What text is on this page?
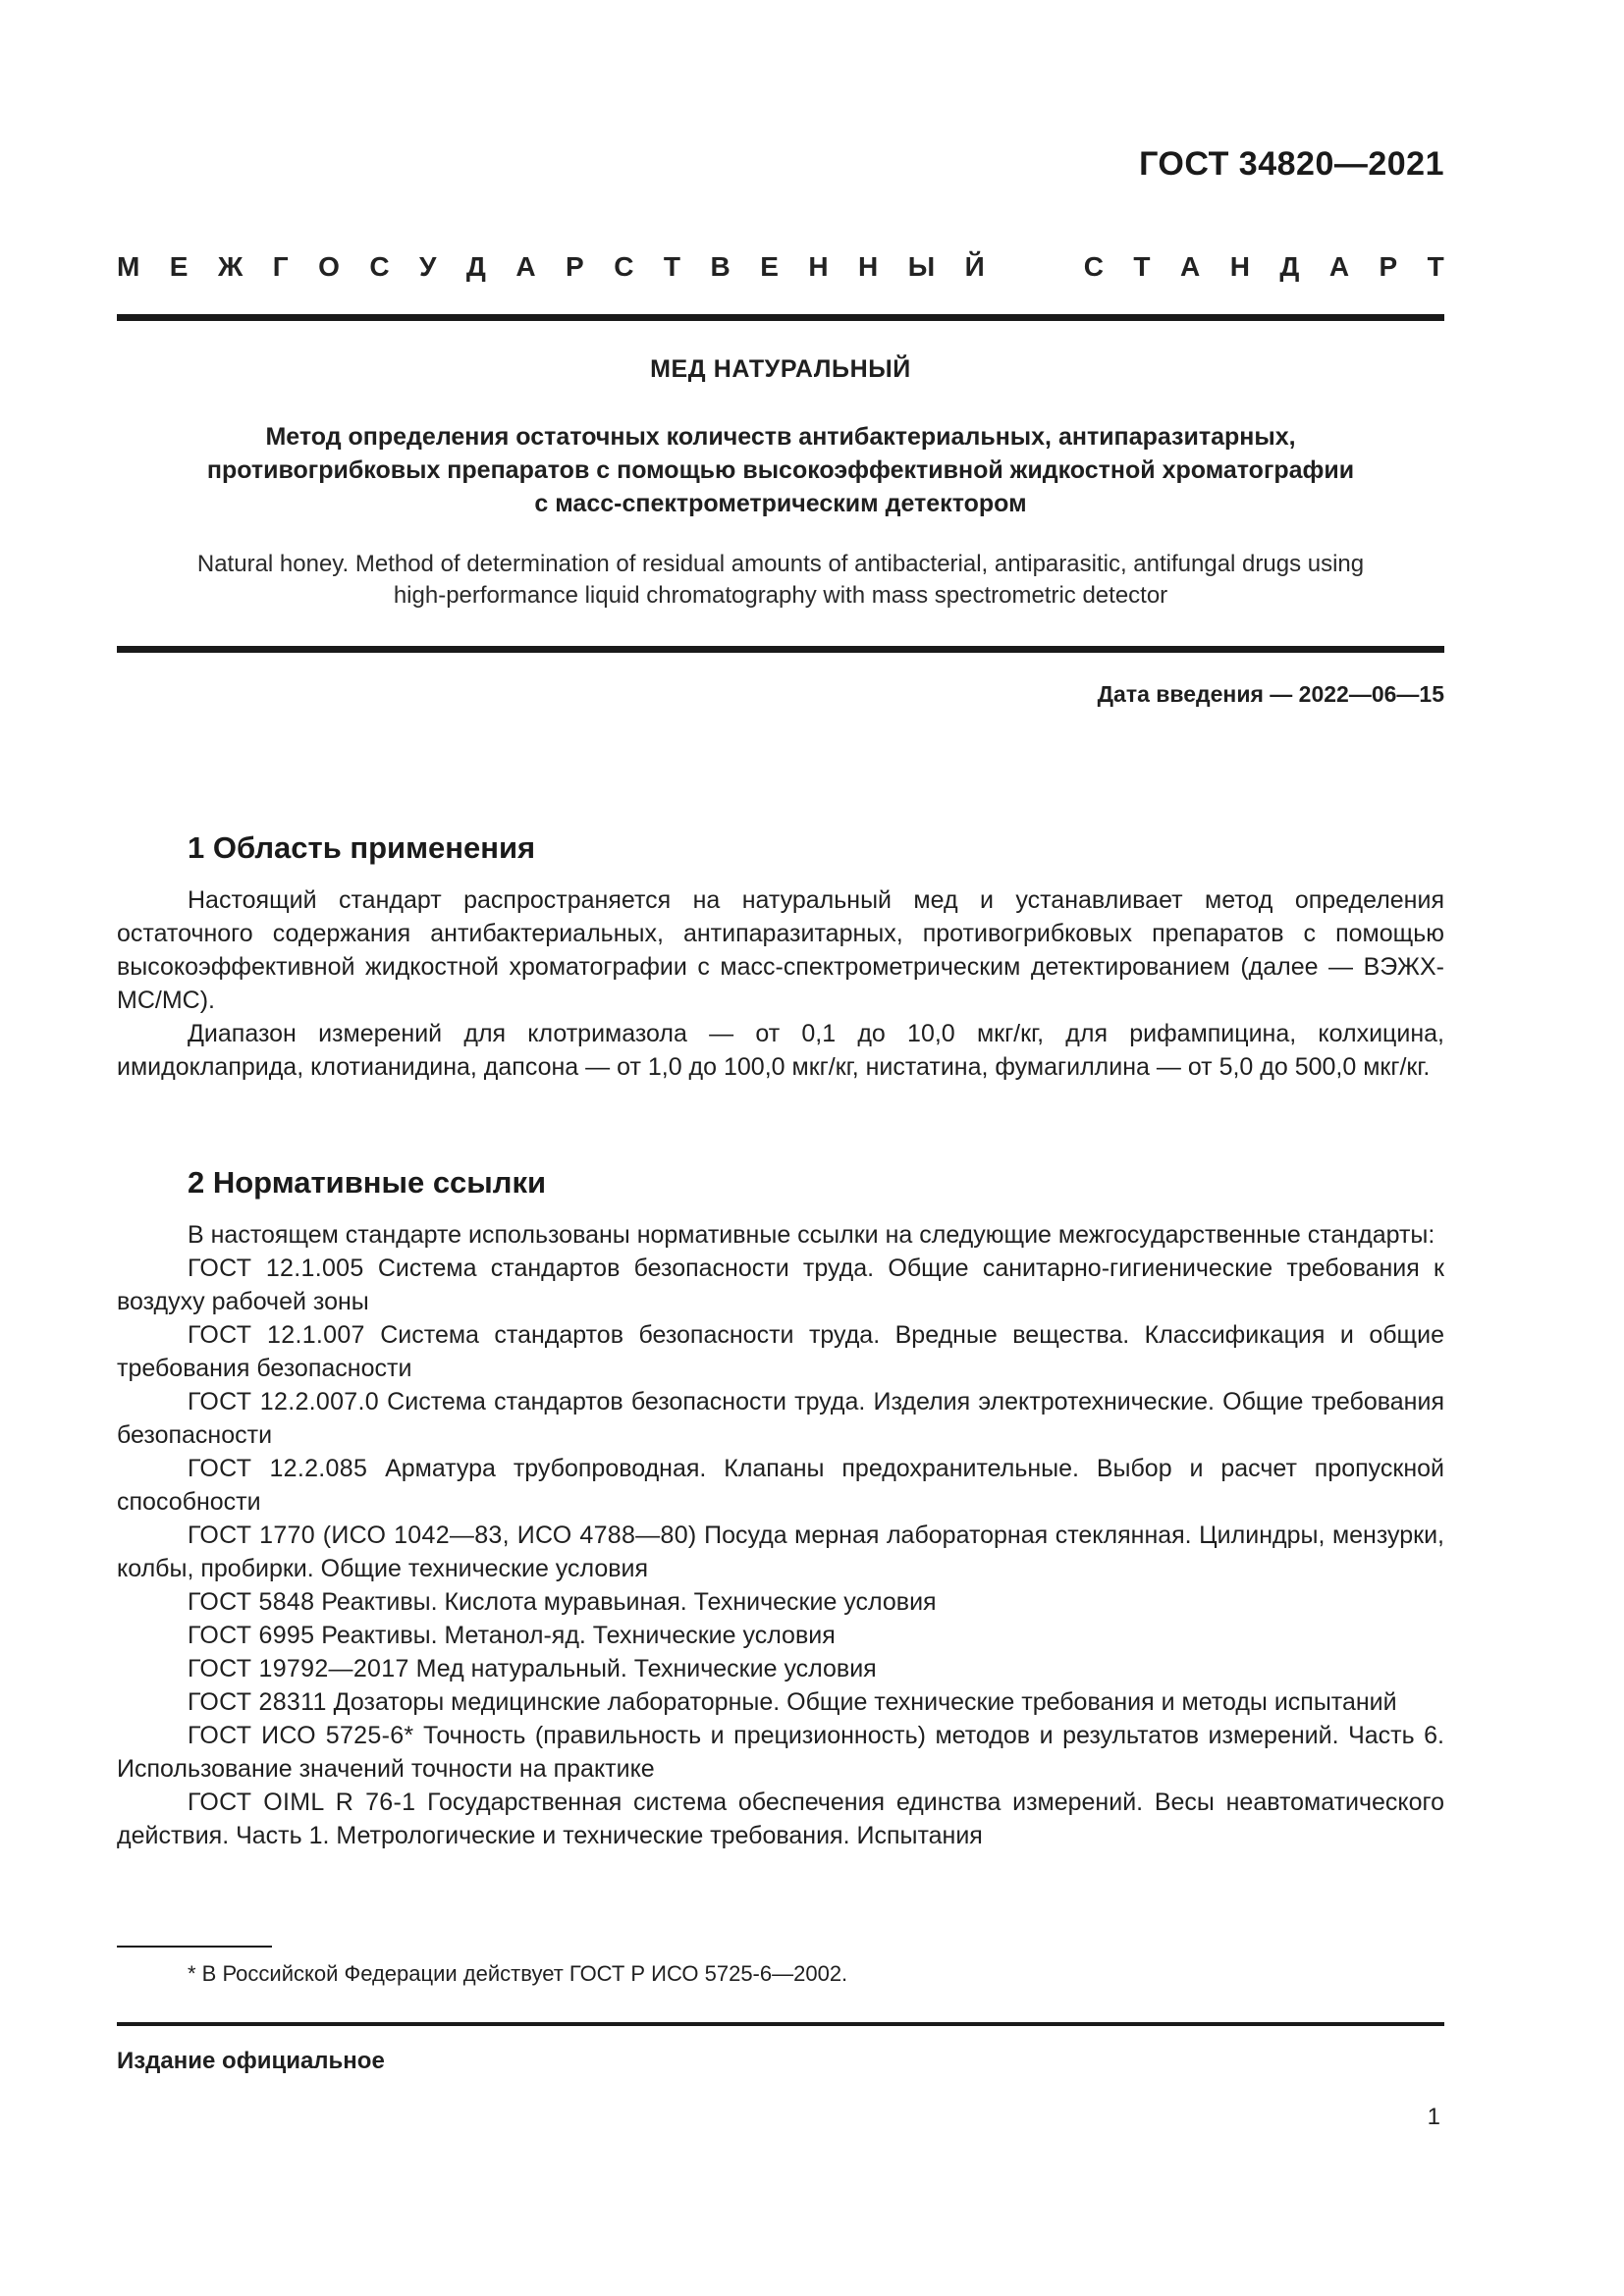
ГОСТ 34820—2021
М Е Ж Г О С У Д А Р С Т В Е Н Н Ы Й	С Т А Н Д А Р Т
МЕД НАТУРАЛЬНЫЙ
Метод определения остаточных количеств антибактериальных, антипаразитарных,
противогрибковых препаратов с помощью высокоэффективной жидкостной хроматографии
с масс-спектрометрическим детектором
Natural honey. Method of determination of residual amounts of antibacterial, antiparasitic, antifungal drugs using
high-performance liquid chromatography with mass spectrometric detector
Дата введения — 2022—06—15
1 Область применения

Настоящий стандарт распространяется на натуральный мед и устанавливает метод определения остаточного содержания антибактериальных, антипаразитарных, противогрибковых препаратов с помощью высокоэффективной жидкостной хроматографии с масс-спектрометрическим детектированием (далее — ВЭЖХ-МС/МС).

Диапазон измерений для клотримазола — от 0,1 до 10,0 мкг/кг, для рифампицина, колхицина, имидоклаприда, клотианидина, дапсона — от 1,0 до 100,0 мкг/кг, нистатина, фумагиллина — от 5,0 до 500,0 мкг/кг.

2 Нормативные ссылки

В настоящем стандарте использованы нормативные ссылки на следующие межгосударственные стандарты:

ГОСТ 12.1.005 Система стандартов безопасности труда. Общие санитарно-гигиенические требования к воздуху рабочей зоны

ГОСТ 12.1.007 Система стандартов безопасности труда. Вредные вещества. Классификация и общие требования безопасности

ГОСТ 12.2.007.0 Система стандартов безопасности труда. Изделия электротехнические. Общие требования безопасности

ГОСТ 12.2.085 Арматура трубопроводная. Клапаны предохранительные. Выбор и расчет пропускной способности

ГОСТ 1770 (ИСО 1042—83, ИСО 4788—80) Посуда мерная лабораторная стеклянная. Цилиндры, мензурки, колбы, пробирки. Общие технические условия

ГОСТ 5848 Реактивы. Кислота муравьиная. Технические условия

ГОСТ 6995 Реактивы. Метанол-яд. Технические условия

ГОСТ 19792—2017 Мед натуральный. Технические условия

ГОСТ 28311 Дозаторы медицинские лабораторные. Общие технические требования и методы испытаний

ГОСТ ИСО 5725-6* Точность (правильность и прецизионность) методов и результатов измерений. Часть 6. Использование значений точности на практике

ГОСТ OIML R 76-1 Государственная система обеспечения единства измерений. Весы неавтоматического действия. Часть 1. Метрологические и технические требования. Испытания

* В Российской Федерации действует ГОСТ Р ИСО 5725-6—2002.
Издание официальное
1
